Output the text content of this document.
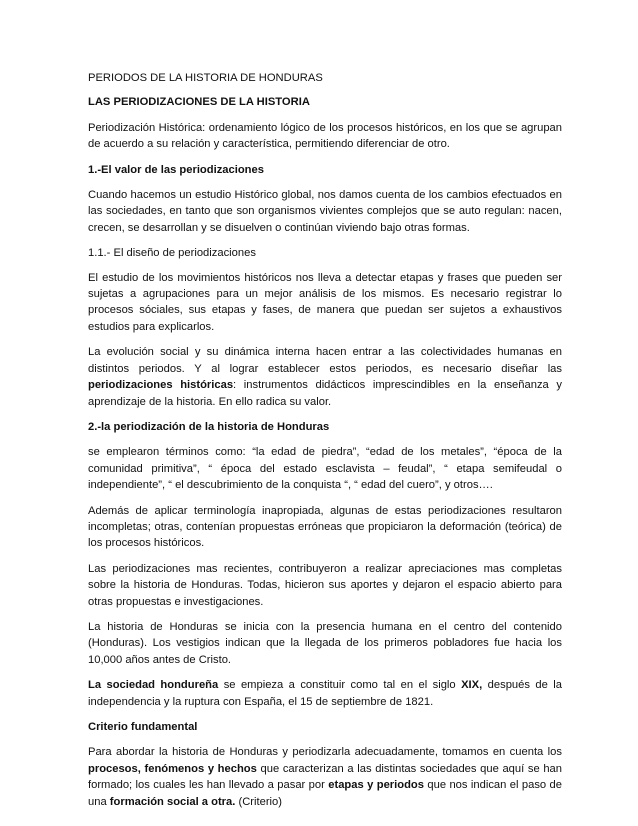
PERIODOS DE LA HISTORIA DE HONDURAS

LAS PERIODIZACIONES DE LA HISTORIA

Periodización Histórica: ordenamiento lógico de los procesos históricos, en los que se agrupan de acuerdo a su relación y característica, permitiendo diferenciar de otro.

1.-El valor de las periodizaciones

Cuando hacemos un estudio Histórico global, nos damos cuenta de los cambios efectuados en las sociedades, en tanto que son organismos vivientes complejos que se auto regulan: nacen, crecen, se desarrollan y se disuelven o continúan viviendo bajo otras formas.

1.1.- El diseño de periodizaciones

El estudio de los movimientos históricos nos lleva a detectar etapas y frases que pueden ser sujetas a agrupaciones para un mejor análisis de los mismos. Es necesario registrar lo procesos sóciales, sus etapas y fases, de manera que puedan ser sujetos a exhaustivos estudios para explicarlos.

La evolución social y su dinámica interna hacen entrar a las colectividades humanas en distintos periodos. Y al lograr establecer estos periodos, es necesario diseñar las periodizaciones históricas: instrumentos didácticos imprescindibles en la enseñanza y aprendizaje de la historia. En ello radica su valor.

2.-la periodización de la historia de Honduras

se emplearon términos como: “la edad de piedra”, “edad de los metales”, “época de la comunidad primitiva”, “ época del estado esclavista – feudal”, “ etapa semifeudal o independiente”, “ el descubrimiento de la conquista “, “ edad del cuero”, y otros….

Además de aplicar terminología inapropiada, algunas de estas periodizaciones resultaron incompletas; otras, contenían propuestas erróneas que propiciaron la deformación (teórica) de los procesos históricos.

Las periodizaciones mas recientes, contribuyeron a realizar apreciaciones mas completas sobre la historia de Honduras. Todas, hicieron sus aportes y dejaron el espacio abierto para otras propuestas e investigaciones.

La historia de Honduras se inicia con la presencia humana en el centro del contenido (Honduras). Los vestigios indican que la llegada de los primeros pobladores fue hacia los 10,000 años antes de Cristo.

La sociedad hondureña se empieza a constituir como tal en el siglo XIX, después de la independencia y la ruptura con España, el 15 de septiembre de 1821.

Criterio fundamental

Para abordar la historia de Honduras y periodizarla adecuadamente, tomamos en cuenta los procesos, fenómenos y hechos que caracterizan a las distintas sociedades que aquí se han formado; los cuales les han llevado a pasar por etapas y periodos que nos indican el paso de una formación social a otra. (Criterio)
